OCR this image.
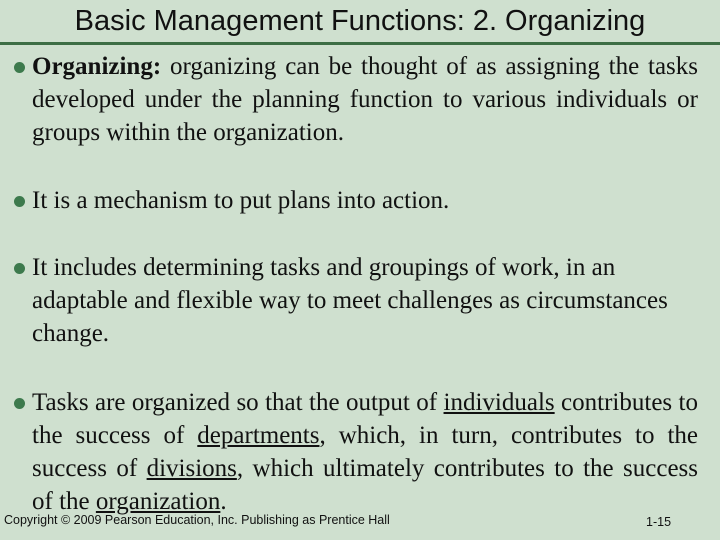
Basic Management Functions: 2. Organizing
Organizing: organizing can be thought of as assigning the tasks developed under the planning function to various individuals or groups within the organization.
It is a mechanism to put plans into action.
It includes determining tasks and groupings of work, in an adaptable and flexible way to meet challenges as circumstances change.
Tasks are organized so that the output of individuals contributes to the success of departments, which, in turn, contributes to the success of divisions, which ultimately contributes to the success of the organization.
Copyright © 2009 Pearson Education, Inc. Publishing as Prentice Hall	1-15
